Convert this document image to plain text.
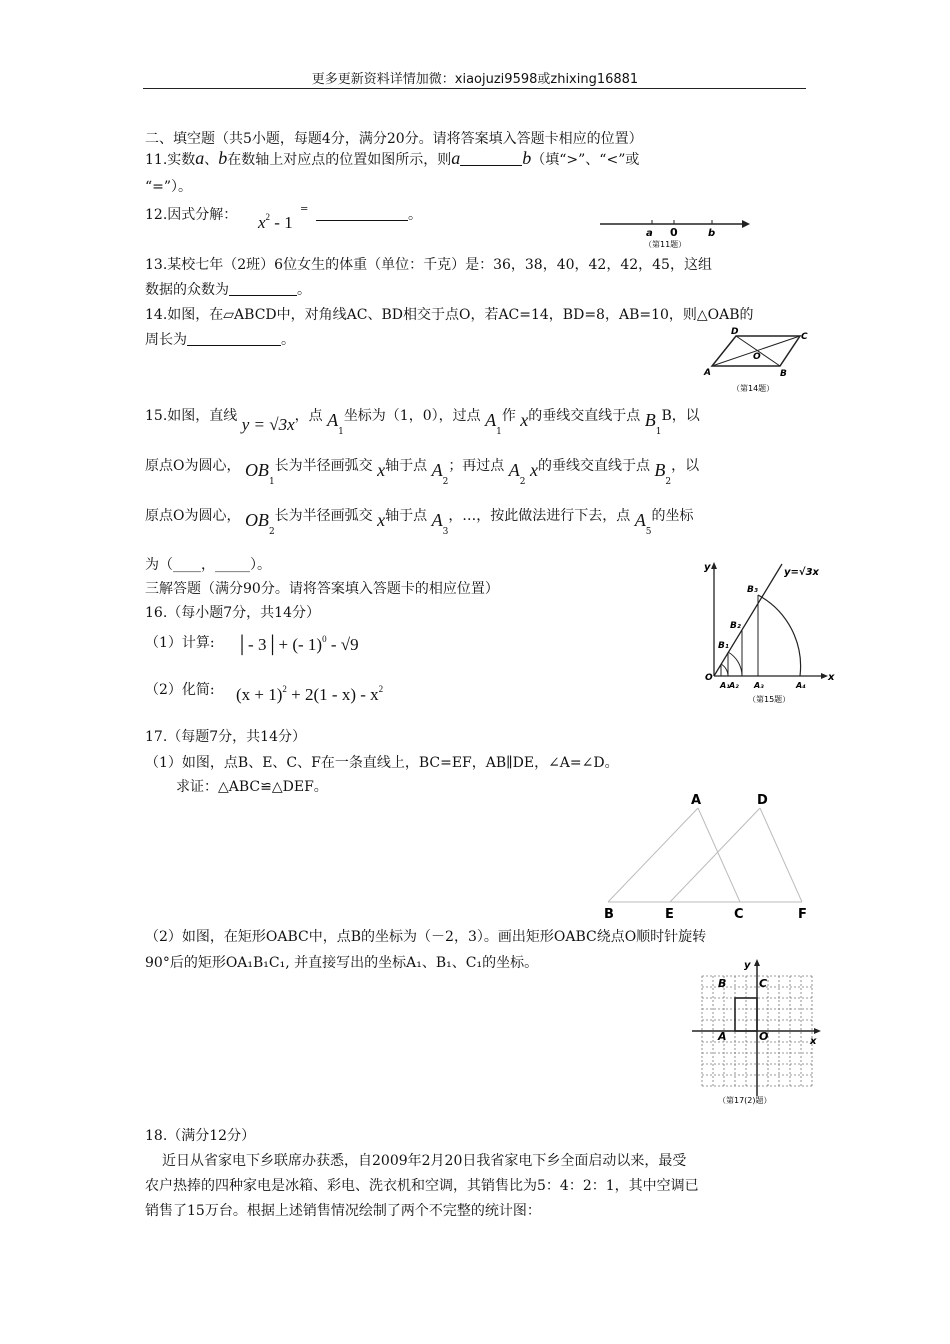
更多更新资料详情加微：xiaojuzi9598或zhixing16881
二、填空题（共5小题，每题4分，满分20分。请将答案填入答题卡相应的位置）
11.实数a、b在数轴上对应点的位置如图所示，则a	b（填“>”、“<”或
“=”）。
12.因式分解： $x^2 - 1$
=	。
a 0	b
（第11题）
13.某校七年（2班）6位女生的体重（单位：千克）是：36，38，40，42，42，45，这组
数据的众数为	。
14.如图，在▱ABCD中，对角线AC、BD相交于点O，若AC=14，BD=8，AB=10，则△OAB的
周长为	。	D	C
A	B
O
（第14题）
15.如图，直线 y = √3x，点 $A_1$坐标为（1，0），过点 $A_1$作 x的垂线交直线于点 $B_1B$，以
原点O为圆心， $OB_1$长为半径画弧交 x轴于点 $A_2$；再过点 $A_2$ x的垂线交直线于点 $B_2$，以
原点O为圆心， $OB_2$长为半径画弧交 x轴于点 $A_3$，…，按此做法进行下去，点 $A_5$的坐标
为（____，_____）。
三解答题（满分90分。请将答案填入答题卡的相应位置）
y	y=√3x
x
O
B₃
B₂
B₁
A₁ A₂ A₃	A₄
（第15题）
16.（每小题7分，共14分）
（1）计算: │- 3│+ (- 1)$^0$ - √9
（2）化简: $(x + 1)^2 + 2(1 - x) - x^2$
17.（每题7分，共14分）
（1）如图，点B、E、C、F在一条直线上，BC=EF，AB∥DE，∠A=∠D。
求证：△ABC≌△DEF。
A	D
B	E	C	F
（2）如图，在矩形OABC中，点B的坐标为（－2，3）。画出矩形OABC绕点O顺时针旋转
90°后的矩形OA₁B₁C₁, 并直接写出的坐标A₁、B₁、C₁的坐标。	y
x
B	C
A	O
（第17(2)题）
18.（满分12分）
近日从省家电下乡联席办获悉，自2009年2月20日我省家电下乡全面启动以来，最受
农户热捧的四种家电是冰箱、彩电、洗衣机和空调，其销售比为5：4：2：1，其中空调已
销售了15万台。根据上述销售情况绘制了两个不完整的统计图：
